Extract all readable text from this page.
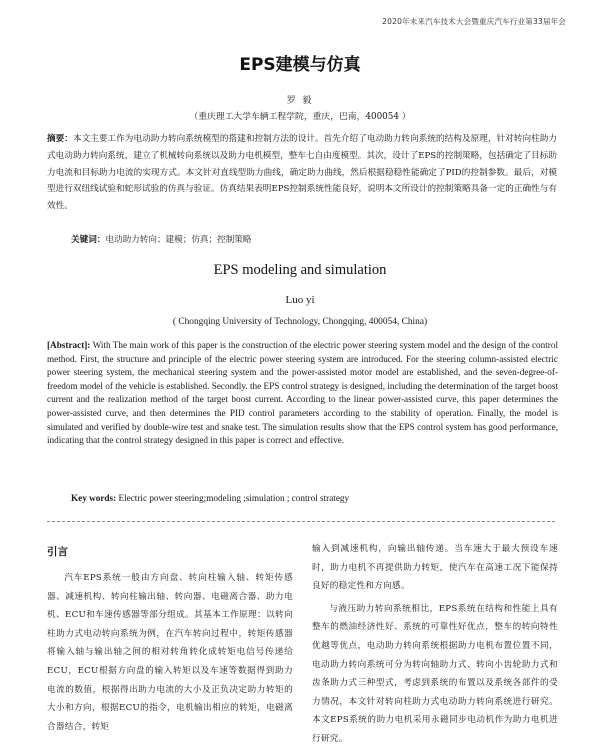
2020年未来汽车技术大会暨重庆汽车行业第33届年会
EPS建模与仿真
罗 毅
（重庆理工大学车辆工程学院，重庆，巴南，400054 ）

摘要：本文主要工作为电动助力转向系统模型的搭建和控制方法的设计。首先介绍了电动助力转向系统的结构及原理，针对转向柱助力式电动助力转向系统，建立了机械转向系统以及助力电机模型，整车七自由度模型。其次，设计了EPS的控制策略，包括确定了目标助力电流和目标助力电流的实现方式。本文针对直线型助力曲线，确定助力曲线，然后根据稳稳性能确定了PID的控制参数。最后，对模型进行双纽线试验和蛇形试验的仿真与验证。仿真结果表明EPS控制系统性能良好，说明本文所设计的控制策略具备一定的正确性与有效性。

关键词：电动助力转向；建模；仿真；控制策略

EPS modeling and simulation
Luo yi
( Chongqing University of Technology, Chongqing, 400054, China)

[Abstract]: With The main work of this paper is the construction of the electric power steering system model and the design of the control method. First, the structure and principle of the electric power steering system are introduced. For the steering column-assisted electric power steering system, the mechanical steering system and the power-assisted motor model are established, and the seven-degree-of-freedom model of the vehicle is established. Secondly. the EPS control strategy is designed, including the determination of the target boost current and the realization method of the target boost current. According to the linear power-assisted curve, this paper determines the power-assisted curve, and then determines the PID control parameters according to the stability of operation. Finally, the model is simulated and verified by double-wire test and snake test. The simulation results show that the EPS control system has good performance, indicating that the control strategy designed in this paper is correct and effective.

Key words: Electric power steering;modeling ;simulation ; control strategy

引言

汽车EPS系统一般由方向盘、转向柱输入轴、转矩传感器、减速机构、转向柱输出轴、转向器、电磁离合器、助力电机、ECU和车速传感器等部分组成。其基本工作原理：以转向柱助力式电动转向系统为例，在汽车转向过程中，转矩传感器将输入轴与输出轴之间的相对转角转化成转矩电信号传递给ECU，ECU根据方向盘的输入转矩以及车速等数据得到助力电流的数值，根据得出助力电流的大小及正负决定助力转矩的大小和方向，根据ECU的指令，电机输出相应的转矩，电磁离合器结合，转矩

输入到减速机构，向输出轴传递。当车速大于最大预设车速时，助力电机不再提供助力转矩，使汽车在高速工况下能保持良好的稳定性和方向感。

与液压助力转向系统相比，EPS系统在结构和性能上具有整车的燃油经济性好、系统的可靠性好优点，整车的转向特性优越等优点，电动助力转向系统根据助力电机布置位置不同，电动助力转向系统可分为转向轴助力式、转向小齿轮助力式和齿条助力式三种型式，考虑到系统的布置以及系统各部件的受力情况，本文针对转向柱助力式电动助力转向系统进行研究。本文EPS系统的助力电机采用永磁同步电动机作为助力电机进行研究。
